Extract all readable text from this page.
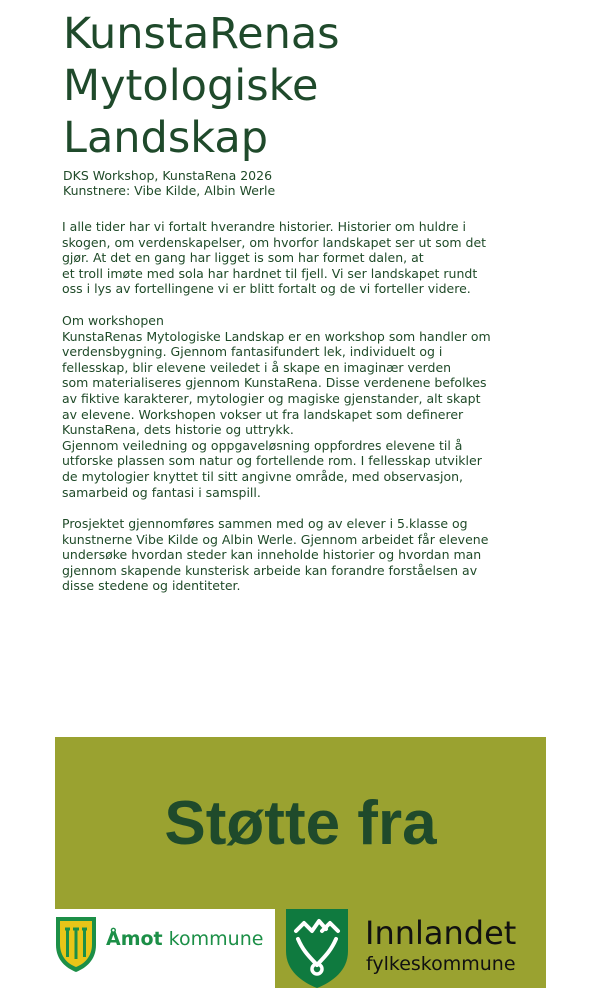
KunstaRenas
Mytologiske
Landskap
DKS Workshop, KunstaRena 2026
Kunstnere: Vibe Kilde, Albin Werle

I alle tider har vi fortalt hverandre historier. Historier om huldre i
skogen, om verdenskapelser, om hvorfor landskapet ser ut som det
gjør. At det en gang har ligget is som har formet dalen, at
et troll imøte med sola har hardnet til fjell. Vi ser landskapet rundt
oss i lys av fortellingene vi er blitt fortalt og de vi forteller videre.

Om workshopen
KunstaRenas Mytologiske Landskap er en workshop som handler om
verdensbygning. Gjennom fantasifundert lek, individuelt og i
fellesskap, blir elevene veiledet i å skape en imaginær verden
som materialiseres gjennom KunstaRena. Disse verdenene befolkes
av fiktive karakterer, mytologier og magiske gjenstander, alt skapt
av elevene. Workshopen vokser ut fra landskapet som definerer
KunstaRena, dets historie og uttrykk.
Gjennom veiledning og oppgaveløsning oppfordres elevene til å
utforske plassen som natur og fortellende rom. I fellesskap utvikler
de mytologier knyttet til sitt angivne område, med observasjon,
samarbeid og fantasi i samspill.

Prosjektet gjennomføres sammen med og av elever i 5.klasse og
kunstnerne Vibe Kilde og Albin Werle. Gjennom arbeidet får elevene
undersøke hvordan steder kan inneholde historier og hvordan man
gjennom skapende kunsterisk arbeide kan forandre forståelsen av
disse stedene og identiteter.

Støtte fra
Åmot kommune	Innlandet
fylkeskommune
